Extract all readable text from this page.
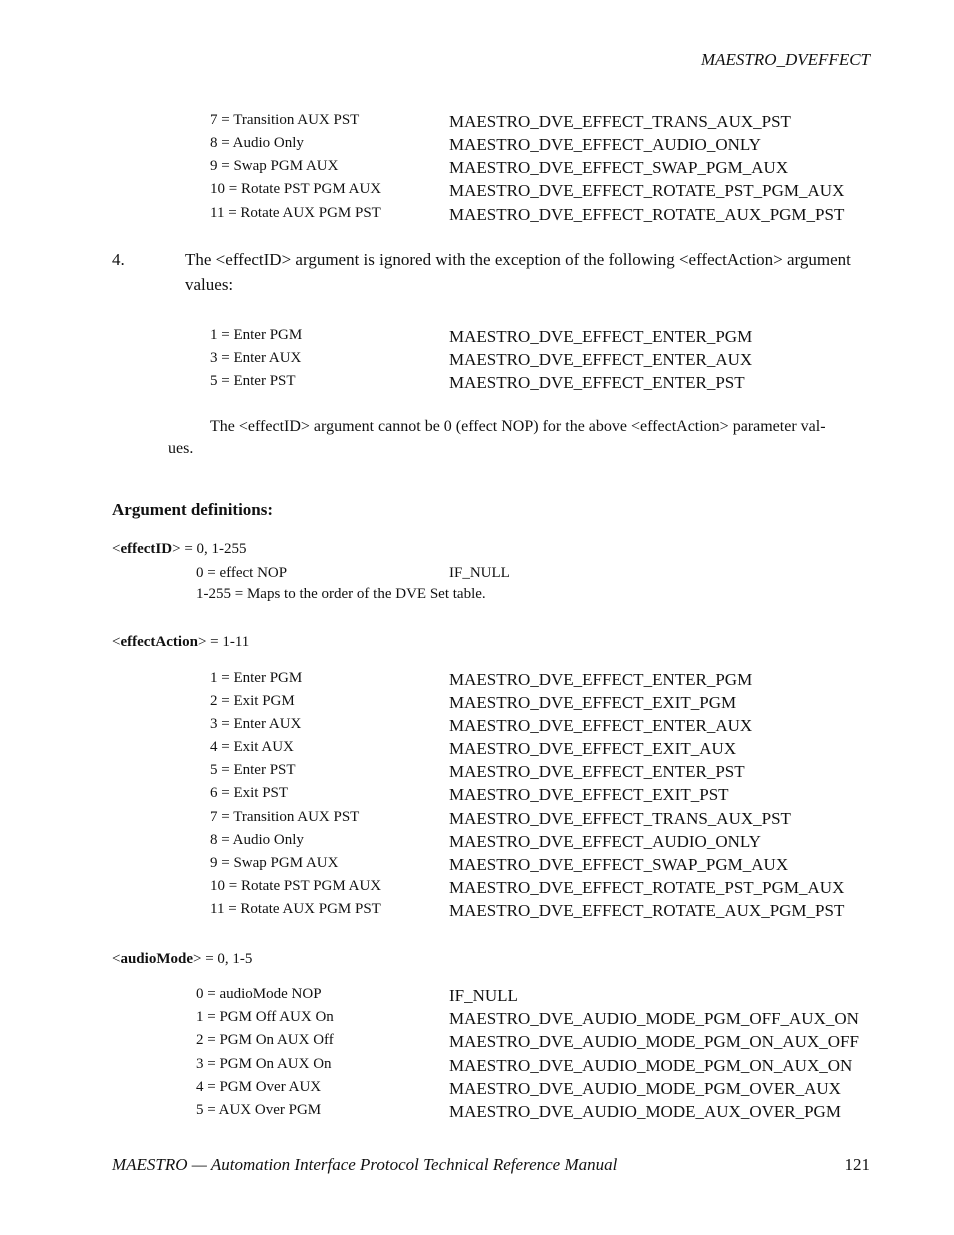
MAESTRO_DVEFFECT
7 = Transition AUX PST	MAESTRO_DVE_EFFECT_TRANS_AUX_PST
8 = Audio Only	MAESTRO_DVE_EFFECT_AUDIO_ONLY
9 = Swap PGM AUX	MAESTRO_DVE_EFFECT_SWAP_PGM_AUX
10 = Rotate PST PGM AUX	MAESTRO_DVE_EFFECT_ROTATE_PST_PGM_AUX
11 = Rotate AUX PGM PST	MAESTRO_DVE_EFFECT_ROTATE_AUX_PGM_PST
4.	The <effectID> argument is ignored with the exception of the following <effectAction> argument
values:
1 = Enter PGM	MAESTRO_DVE_EFFECT_ENTER_PGM
3 = Enter AUX	MAESTRO_DVE_EFFECT_ENTER_AUX
5 = Enter PST	MAESTRO_DVE_EFFECT_ENTER_PST
The <effectID> argument cannot be 0 (effect NOP) for the above <effectAction> parameter val-
ues.
Argument definitions:
<effectID> = 0, 1-255
0 = effect NOP	IF_NULL
1-255 = Maps to the order of the DVE Set table.
<effectAction> = 1-11
1 = Enter PGM	MAESTRO_DVE_EFFECT_ENTER_PGM
2 = Exit PGM	MAESTRO_DVE_EFFECT_EXIT_PGM
3 = Enter AUX	MAESTRO_DVE_EFFECT_ENTER_AUX
4 = Exit AUX	MAESTRO_DVE_EFFECT_EXIT_AUX
5 = Enter PST	MAESTRO_DVE_EFFECT_ENTER_PST
6 = Exit PST	MAESTRO_DVE_EFFECT_EXIT_PST
7 = Transition AUX PST	MAESTRO_DVE_EFFECT_TRANS_AUX_PST
8 = Audio Only	MAESTRO_DVE_EFFECT_AUDIO_ONLY
9 = Swap PGM AUX	MAESTRO_DVE_EFFECT_SWAP_PGM_AUX
10 = Rotate PST PGM AUX	MAESTRO_DVE_EFFECT_ROTATE_PST_PGM_AUX
11 = Rotate AUX PGM PST	MAESTRO_DVE_EFFECT_ROTATE_AUX_PGM_PST
<audioMode> = 0, 1-5
0 = audioMode NOP	IF_NULL
1 = PGM Off AUX On	MAESTRO_DVE_AUDIO_MODE_PGM_OFF_AUX_ON
2 = PGM On AUX Off	MAESTRO_DVE_AUDIO_MODE_PGM_ON_AUX_OFF
3 = PGM On AUX On	MAESTRO_DVE_AUDIO_MODE_PGM_ON_AUX_ON
4 = PGM Over AUX	MAESTRO_DVE_AUDIO_MODE_PGM_OVER_AUX
5 = AUX Over PGM	MAESTRO_DVE_AUDIO_MODE_AUX_OVER_PGM
MAESTRO — Automation Interface Protocol Technical Reference Manual	121
